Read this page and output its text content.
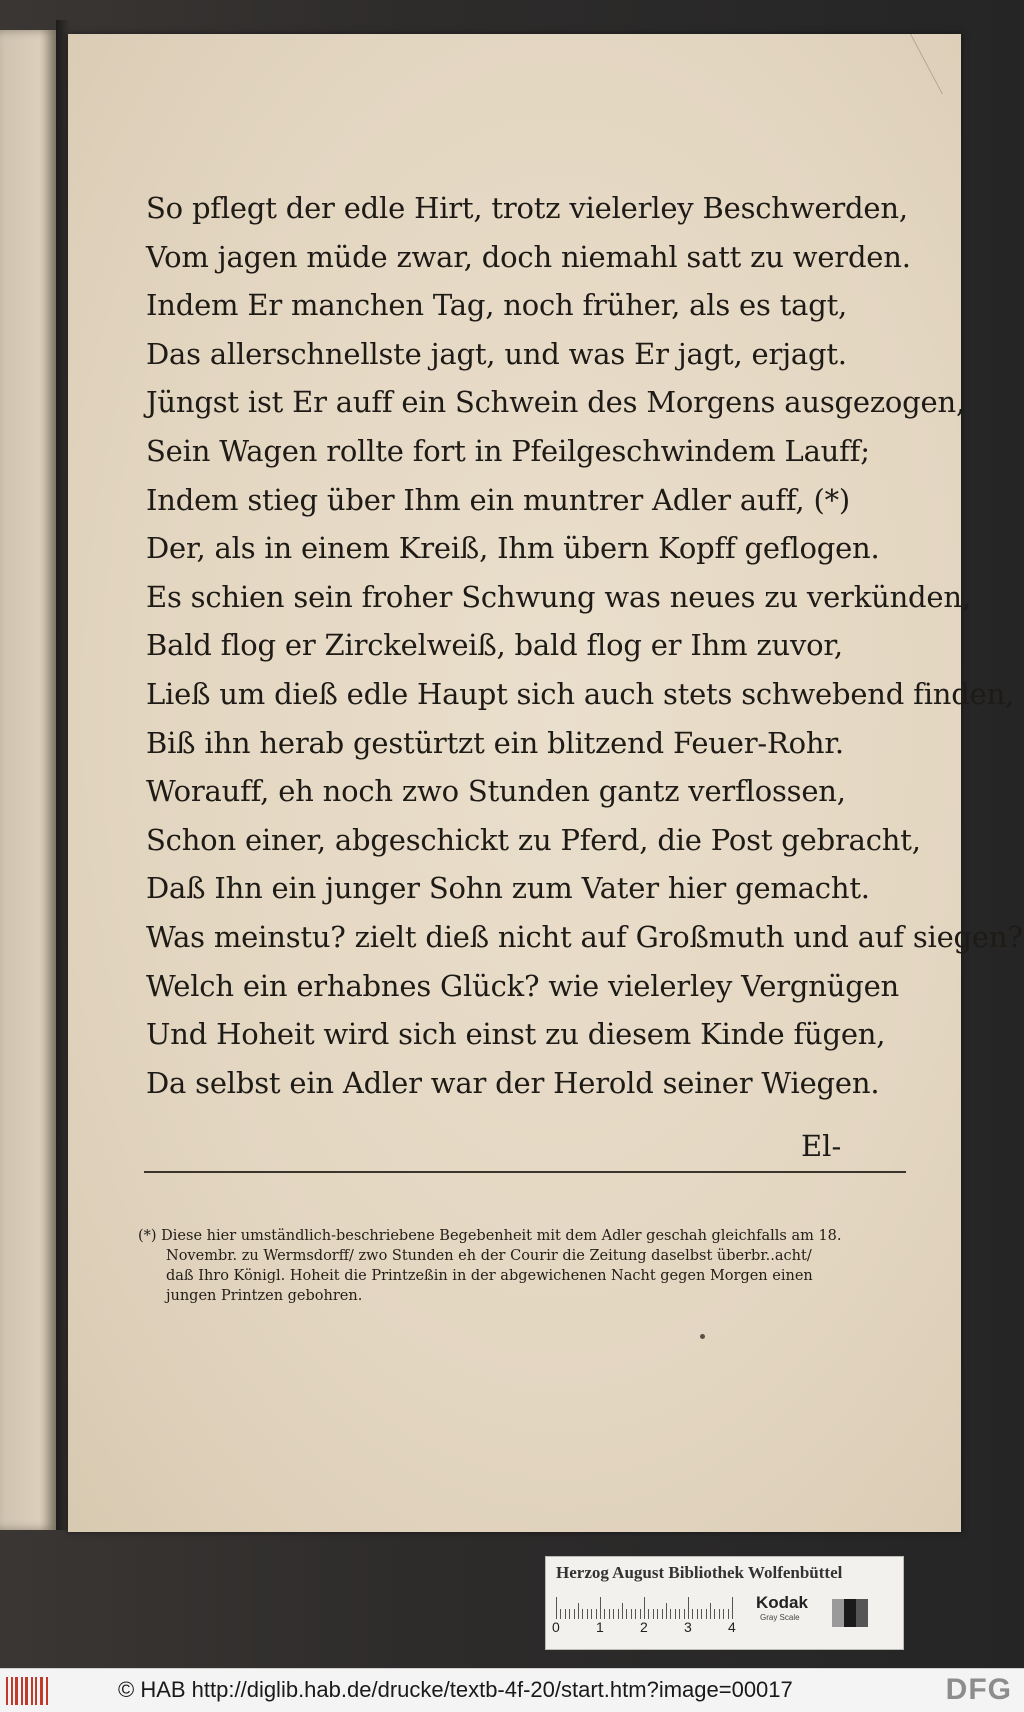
So pflegt der edle Hirt, trotz vielerley Beschwerden,
Vom jagen müde zwar, doch niemahl satt zu werden.
Indem Er manchen Tag, noch früher, als es tagt,
Das allerschnellste jagt, und was Er jagt, erjagt.
Jüngst ist Er auff ein Schwein des Morgens ausgezogen,
Sein Wagen rollte fort in Pfeilgeschwindem Lauff;
Indem stieg über Ihm ein muntrer Adler auff, (*)
Der, als in einem Kreiß, Ihm übern Kopff geflogen.
Es schien sein froher Schwung was neues zu verkünden,
Bald flog er Zirckelweiß, bald flog er Ihm zuvor,
Ließ um dieß edle Haupt sich auch stets schwebend finden,
Biß ihn herab gestürtzt ein blitzend Feuer-Rohr.
Worauff, eh noch zwo Stunden gantz verflossen,
Schon einer, abgeschickt zu Pferd, die Post gebracht,
Daß Ihn ein junger Sohn zum Vater hier gemacht.
Was meinstu? zielt dieß nicht auf Großmuth und auf siegen?
Welch ein erhabnes Glück? wie vielerley Vergnügen
Und Hoheit wird sich einst zu diesem Kinde fügen,
Da selbst ein Adler war der Herold seiner Wiegen.
El-
(*) Diese hier umständlich-beschriebene Begebenheit mit dem Adler geschah gleichfalls am 18.
Novembr. zu Wermsdorff/ zwo Stunden eh der Courir die Zeitung daselbst überbr..acht/
daß Ihro Königl. Hoheit die Printzeßin in der abgewichenen Nacht gegen Morgen einen
jungen Printzen gebohren.
Herzog August Bibliothek Wolfenbüttel
0	1	2	3	4
Kodak
Gray Scale
© HAB http://diglib.hab.de/drucke/textb-4f-20/start.htm?image=00017	DFG
